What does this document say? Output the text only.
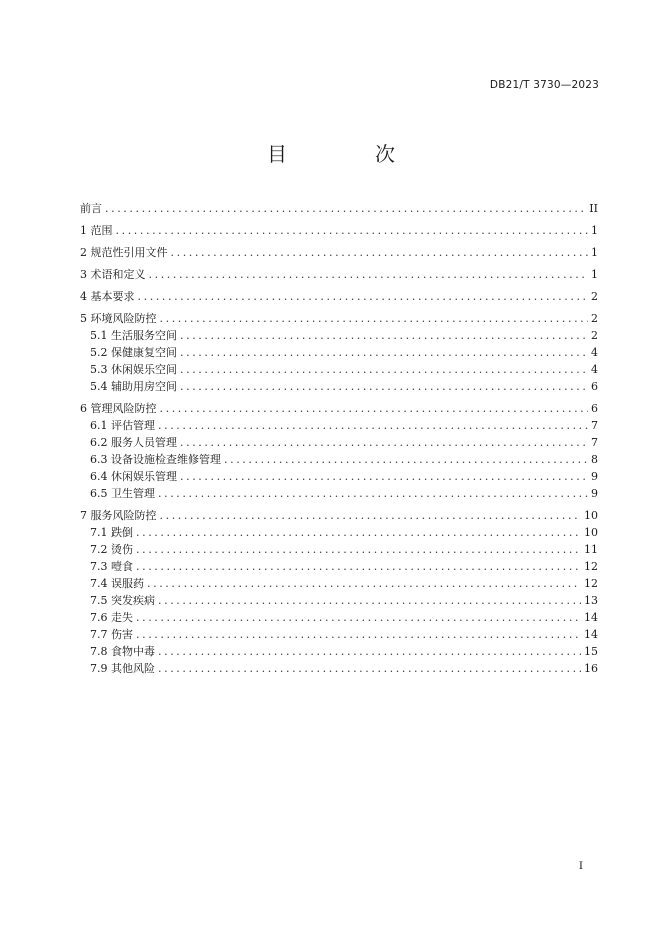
DB21/T 3730—2023
目　次
前言 .....	II
1 范围 .....	1
2 规范性引用文件 .....	1
3 术语和定义 .....	1
4 基本要求 .....	2
5 环境风险防控 .....	2
5.1 生活服务空间 .....	2
5.2 保健康复空间 .....	4
5.3 休闲娱乐空间 .....	4
5.4 辅助用房空间 .....	6
6 管理风险防控 .....	6
6.1 评估管理 .....	7
6.2 服务人员管理 .....	7
6.3 设备设施检查维修管理 .....	8
6.4 休闲娱乐管理 .....	9
6.5 卫生管理 .....	9
7 服务风险防控 .....	10
7.1 跌倒 .....	10
7.2 烫伤 .....	11
7.3 噎食 .....	12
7.4 误服药 .....	12
7.5 突发疾病 .....	13
7.6 走失 .....	14
7.7 伤害 .....	14
7.8 食物中毒 .....	15
7.9 其他风险 .....	16
I
